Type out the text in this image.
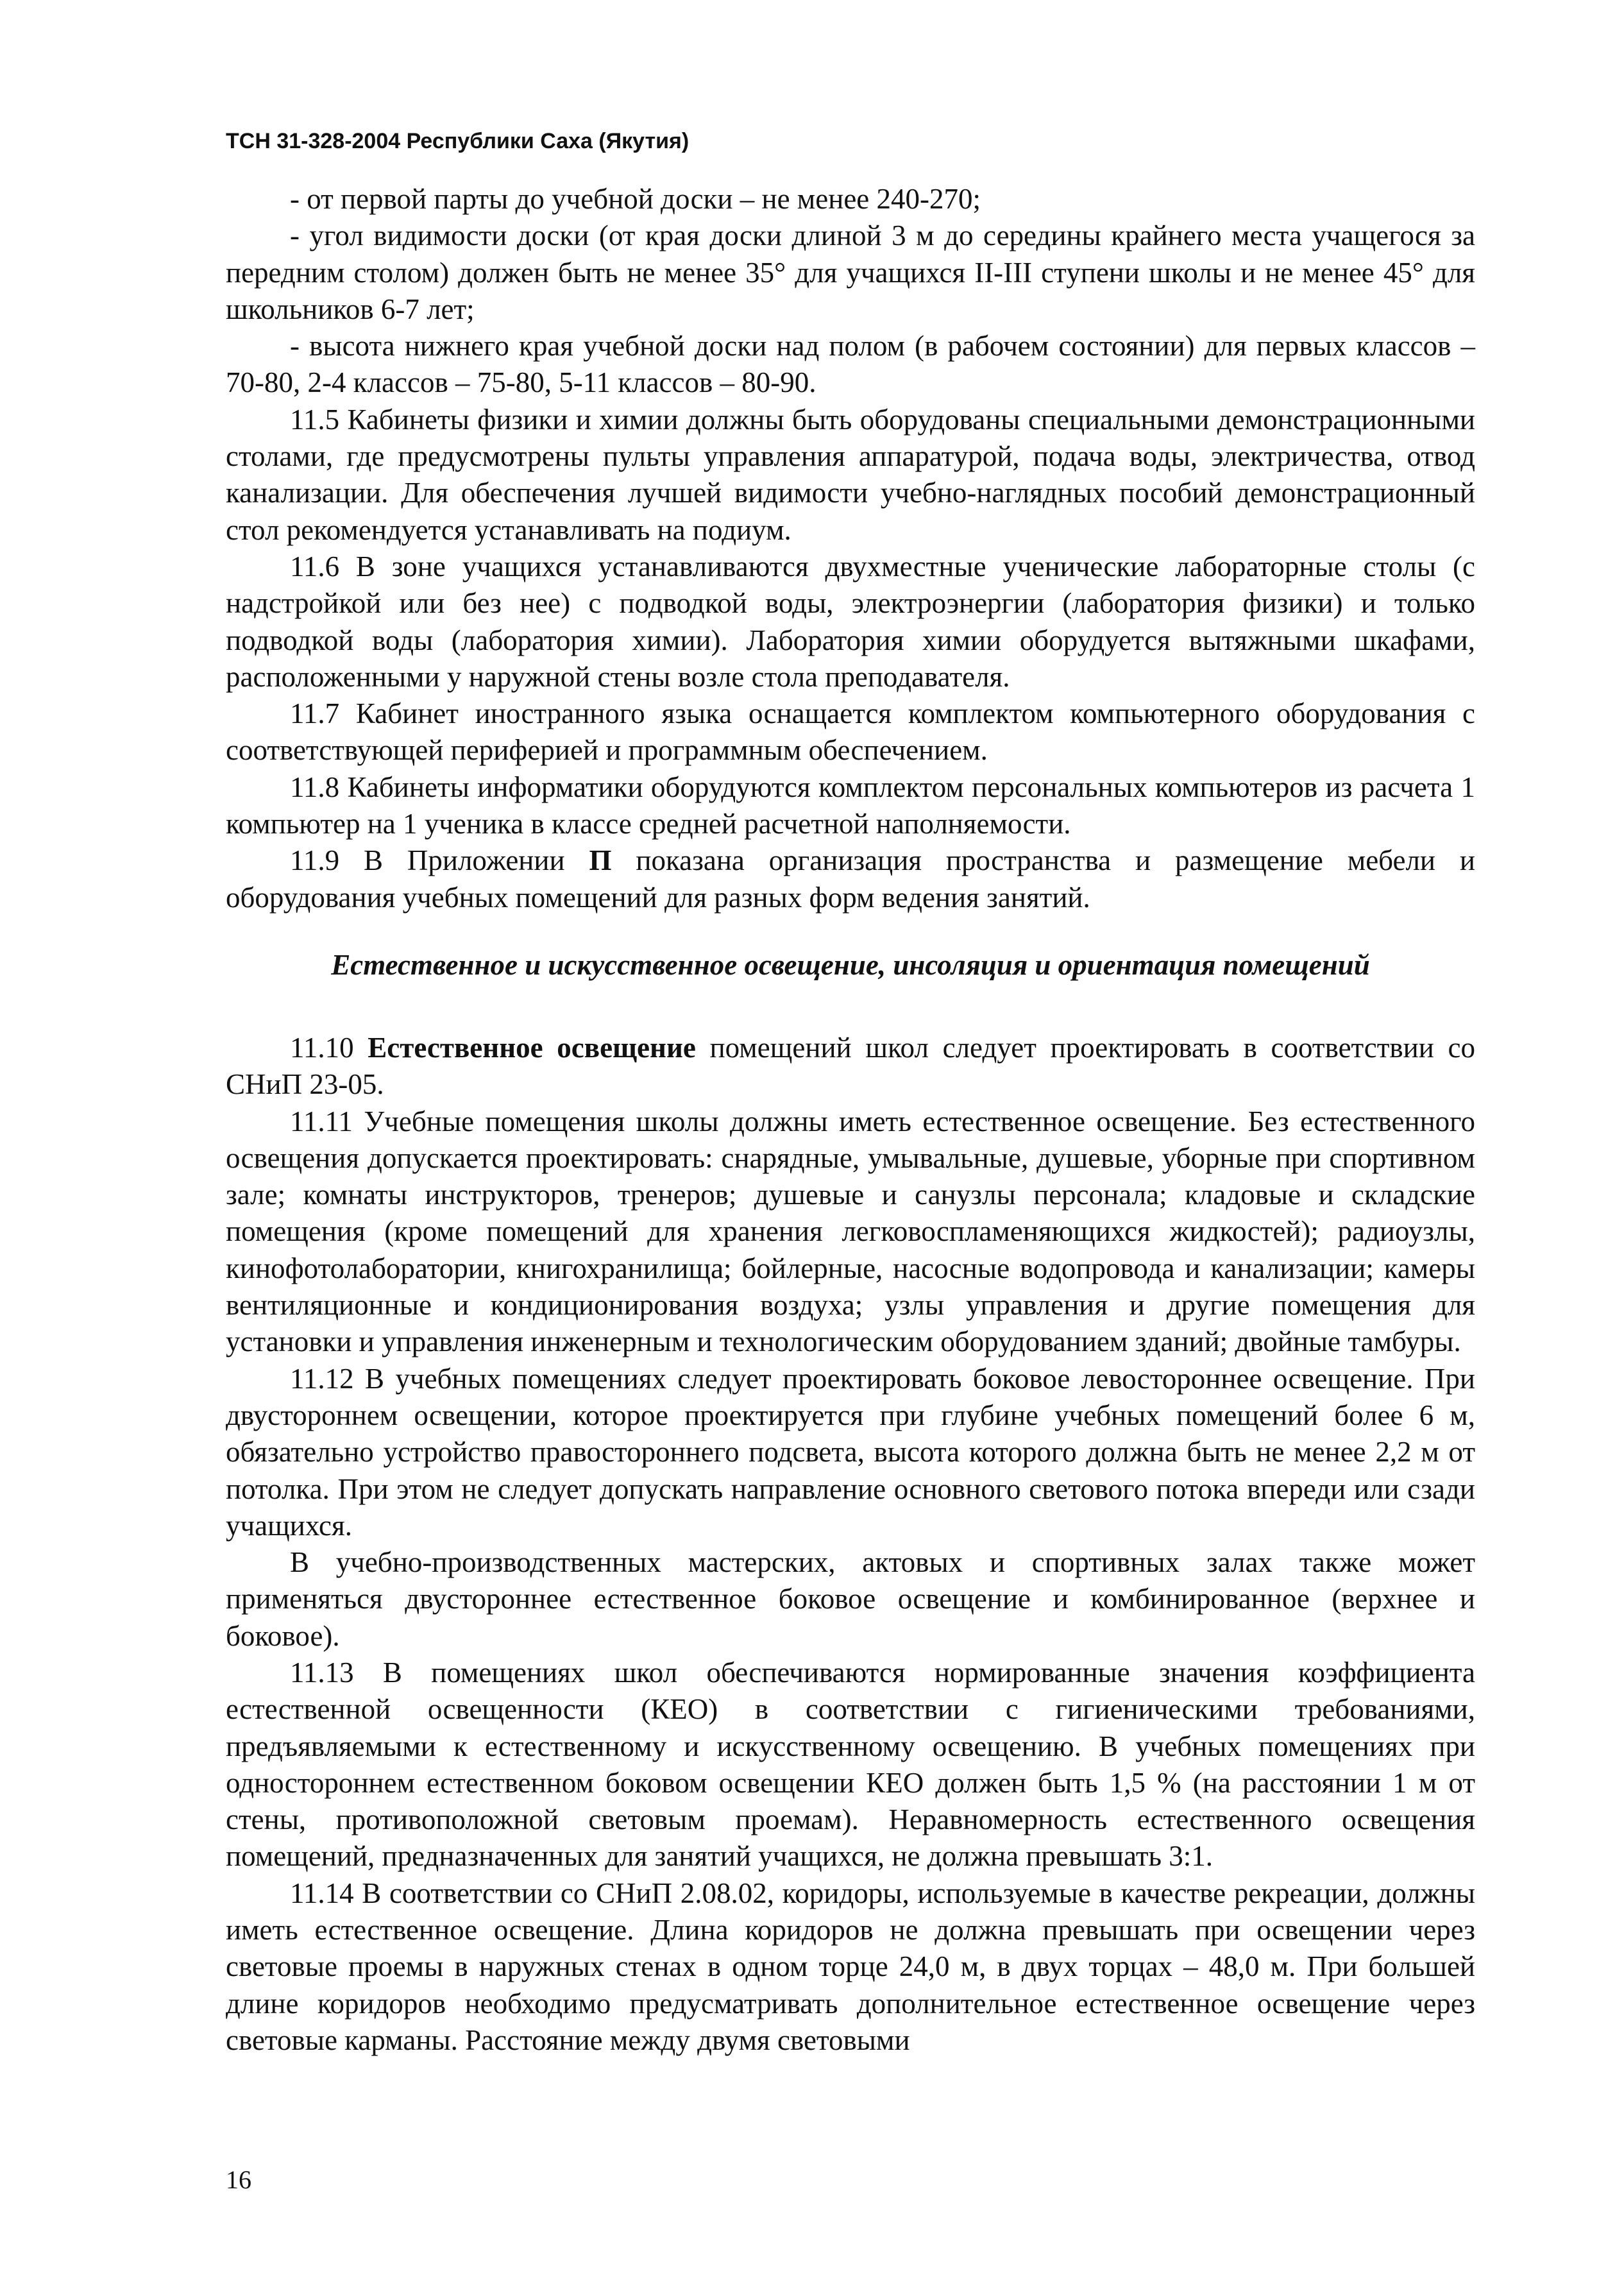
ТСН 31-328-2004 Республики Саха (Якутия)

- от первой парты до учебной доски – не менее 240-270;

- угол видимости доски (от края доски длиной 3 м до середины крайнего места учащегося за передним столом) должен быть не менее 35° для учащихся II-III ступени школы и не менее 45° для школьников 6-7 лет;

- высота нижнего края учебной доски над полом (в рабочем состоянии) для первых классов – 70-80, 2-4 классов – 75-80, 5-11 классов – 80-90.

11.5 Кабинеты физики и химии должны быть оборудованы специальными демонстрационными столами, где предусмотрены пульты управления аппаратурой, подача воды, электричества, отвод канализации. Для обеспечения лучшей видимости учебно-наглядных пособий демонстрационный стол рекомендуется устанавливать на подиум.

11.6 В зоне учащихся устанавливаются двухместные ученические лабораторные столы (с надстройкой или без нее) с подводкой воды, электроэнергии (лаборатория физики) и только подводкой воды (лаборатория химии). Лаборатория химии оборудуется вытяжными шкафами, расположенными у наружной стены возле стола преподавателя.

11.7 Кабинет иностранного языка оснащается комплектом компьютерного оборудования с соответствующей периферией и программным обеспечением.

11.8 Кабинеты информатики оборудуются комплектом персональных компьютеров из расчета 1 компьютер на 1 ученика в классе средней расчетной наполняемости.

11.9 В Приложении П показана организация пространства и размещение мебели и оборудования учебных помещений для разных форм ведения занятий.

Естественное и искусственное освещение, инсоляция и ориентация помещений

11.10 Естественное освещение помещений школ следует проектировать в соответствии со СНиП 23-05.

11.11 Учебные помещения школы должны иметь естественное освещение. Без естественного освещения допускается проектировать: снарядные, умывальные, душевые, уборные при спортивном зале; комнаты инструкторов, тренеров; душевые и санузлы персонала; кладовые и складские помещения (кроме помещений для хранения легковоспламеняющихся жидкостей); радиоузлы, кинофотолаборатории, книгохранилища; бойлерные, насосные водопровода и канализации; камеры вентиляционные и кондиционирования воздуха; узлы управления и другие помещения для установки и управления инженерным и технологическим оборудованием зданий; двойные тамбуры.

11.12 В учебных помещениях следует проектировать боковое левостороннее освещение. При двустороннем освещении, которое проектируется при глубине учебных помещений более 6 м, обязательно устройство правостороннего подсвета, высота которого должна быть не менее 2,2 м от потолка. При этом не следует допускать направление основного светового потока впереди или сзади учащихся.

В учебно-производственных мастерских, актовых и спортивных залах также может применяться двустороннее естественное боковое освещение и комбинированное (верхнее и боковое).

11.13 В помещениях школ обеспечиваются нормированные значения коэффициента естественной освещенности (КЕО) в соответствии с гигиеническими требованиями, предъявляемыми к естественному и искусственному освещению. В учебных помещениях при одностороннем естественном боковом освещении КЕО должен быть 1,5 % (на расстоянии 1 м от стены, противоположной световым проемам). Неравномерность естественного освещения помещений, предназначенных для занятий учащихся, не должна превышать 3:1.

11.14 В соответствии со СНиП 2.08.02, коридоры, используемые в качестве рекреации, должны иметь естественное освещение. Длина коридоров не должна превышать при освещении через световые проемы в наружных стенах в одном торце 24,0 м, в двух торцах – 48,0 м. При большей длине коридоров необходимо предусматривать дополнительное естественное освещение через световые карманы. Расстояние между двумя световыми

16
